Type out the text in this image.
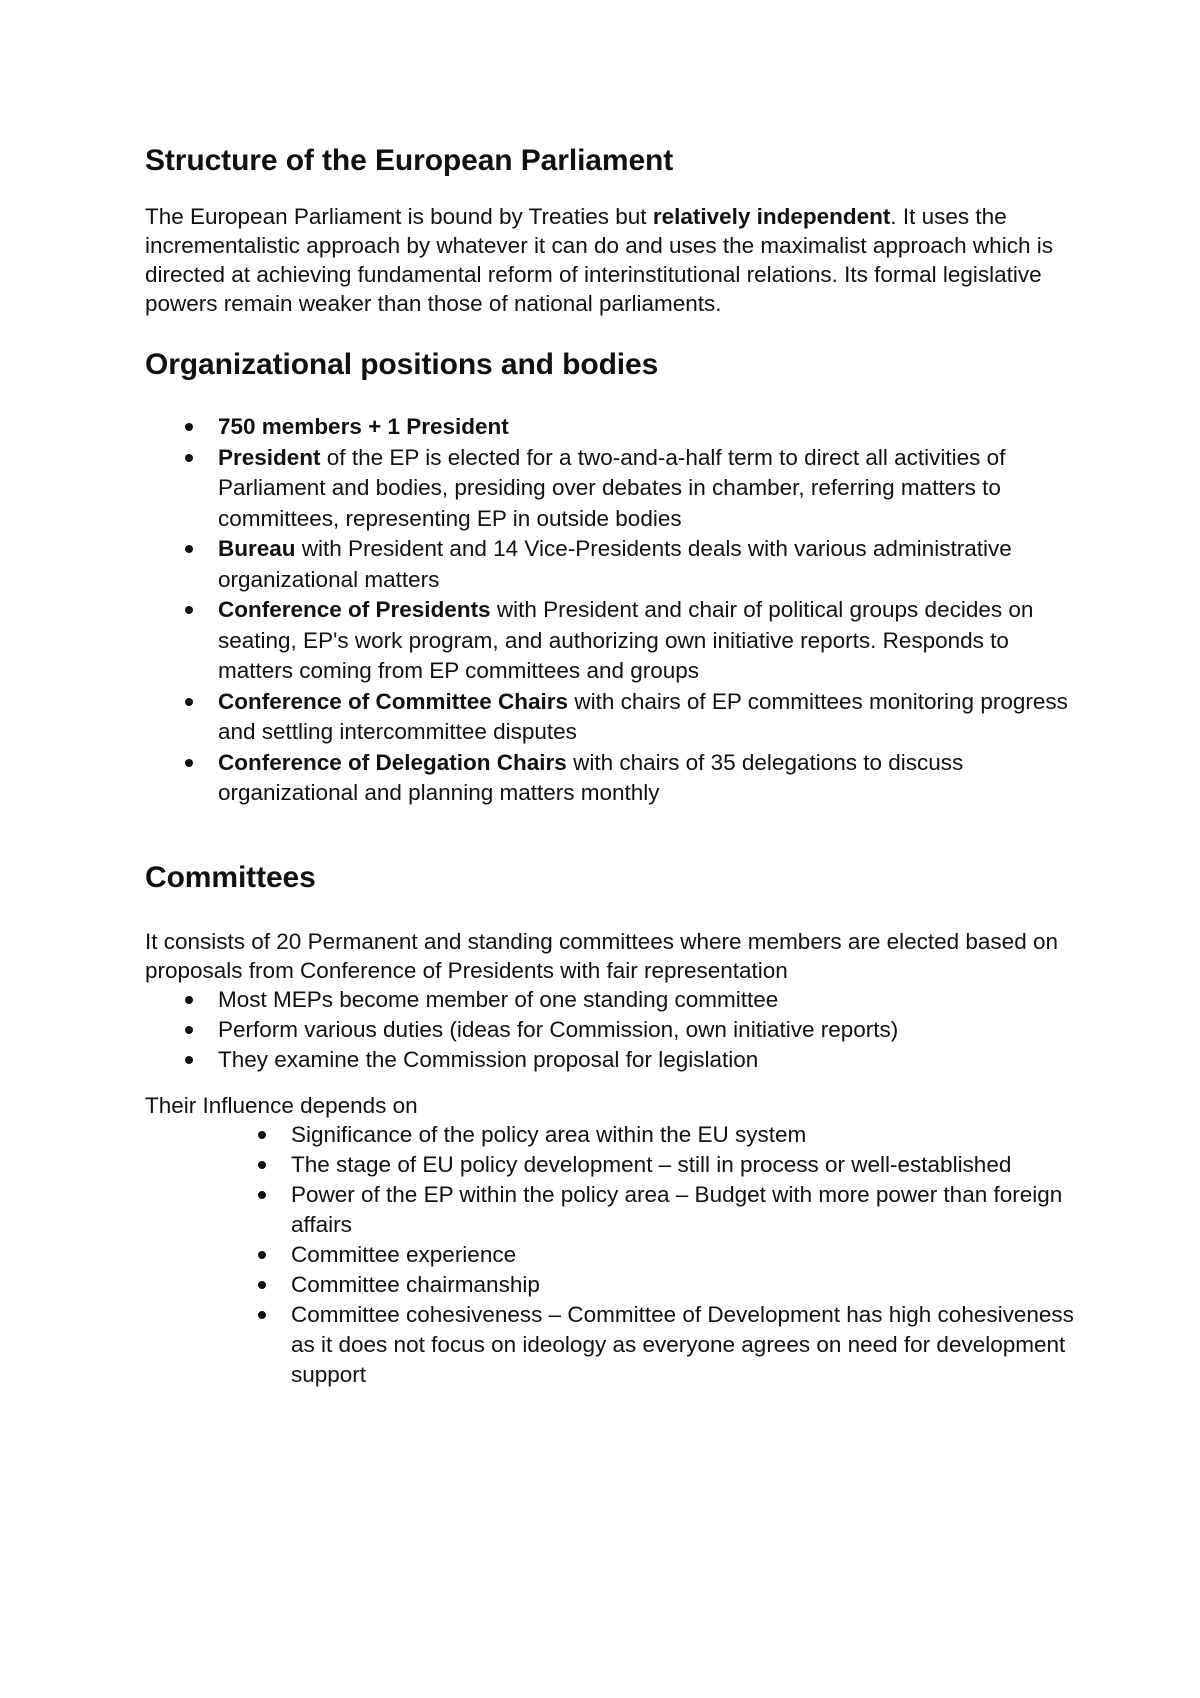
Structure of the European Parliament

The European Parliament is bound by Treaties but relatively independent. It uses the incrementalistic approach by whatever it can do and uses the maximalist approach which is directed at achieving fundamental reform of interinstitutional relations. Its formal legislative powers remain weaker than those of national parliaments.

Organizational positions and bodies
750 members + 1 President
President of the EP is elected for a two-and-a-half term to direct all activities of Parliament and bodies, presiding over debates in chamber, referring matters to committees, representing EP in outside bodies
Bureau with President and 14 Vice-Presidents deals with various administrative organizational matters
Conference of Presidents with President and chair of political groups decides on seating, EP's work program, and authorizing own initiative reports. Responds to matters coming from EP committees and groups
Conference of Committee Chairs with chairs of EP committees monitoring progress and settling intercommittee disputes
Conference of Delegation Chairs with chairs of 35 delegations to discuss organizational and planning matters monthly
Committees

It consists of 20 Permanent and standing committees where members are elected based on proposals from Conference of Presidents with fair representation

Most MEPs become member of one standing committee
Perform various duties (ideas for Commission, own initiative reports)
They examine the Commission proposal for legislation

Their Influence depends on

Significance of the policy area within the EU system
The stage of EU policy development – still in process or well-established
Power of the EP within the policy area – Budget with more power than foreign affairs
Committee experience
Committee chairmanship
Committee cohesiveness – Committee of Development has high cohesiveness as it does not focus on ideology as everyone agrees on need for development support
